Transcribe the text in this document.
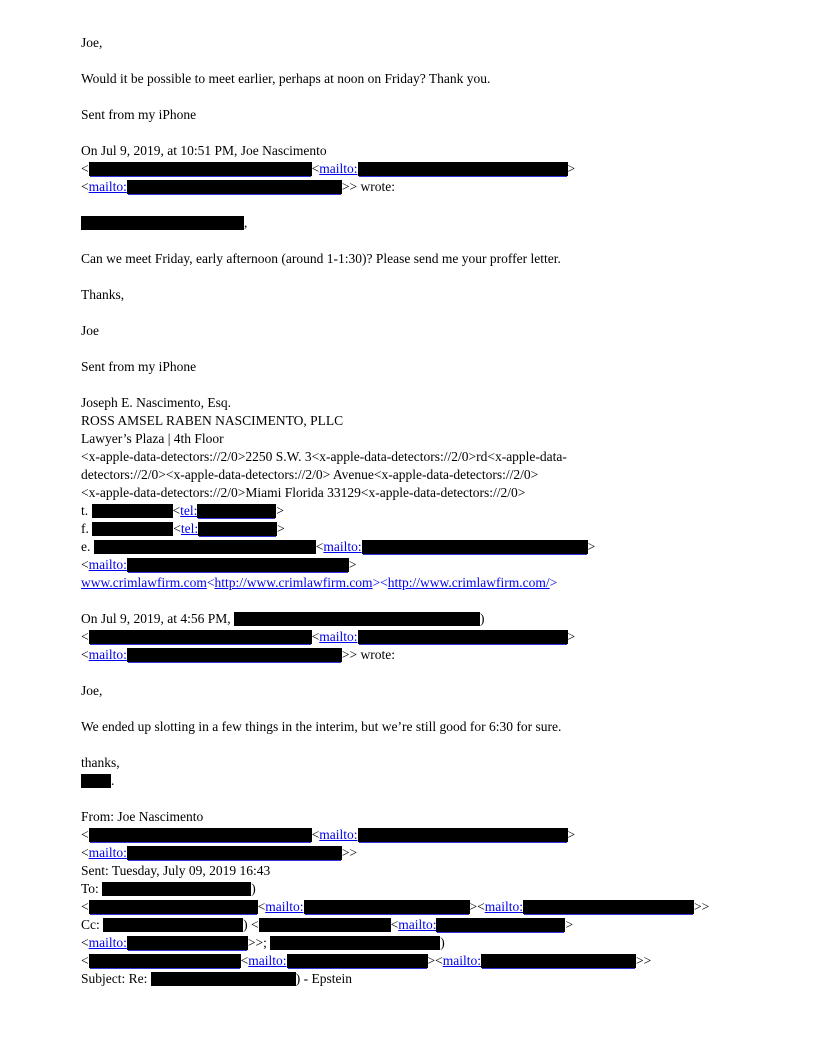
Joe,

Would it be possible to meet earlier, perhaps at noon on Friday? Thank you.

Sent from my iPhone

On Jul 9, 2019, at 10:51 PM, Joe Nascimento
<	<mailto:	>
<mailto:	>> wrote:

,

Can we meet Friday, early afternoon (around 1-1:30)? Please send me your proffer letter.

Thanks,

Joe

Sent from my iPhone

Joseph E. Nascimento, Esq.
ROSS AMSEL RABEN NASCIMENTO, PLLC
Lawyer’s Plaza | 4th Floor
<x-apple-data-detectors://2/0>2250 S.W. 3<x-apple-data-detectors://2/0>rd<x-apple-data-
detectors://2/0><x-apple-data-detectors://2/0> Avenue<x-apple-data-detectors://2/0>
<x-apple-data-detectors://2/0>Miami Florida 33129<x-apple-data-detectors://2/0>
t.	<tel:	>
f.	<tel:	>
e.	<mailto:	>
<mailto:	>
www.crimlawfirm.com<http://www.crimlawfirm.com><http://www.crimlawfirm.com/>

On Jul 9, 2019, at 4:56 PM,	)
<	<mailto:	>
<mailto:	>> wrote:

Joe,

We ended up slotting in a few things in the interim, but we’re still good for 6:30 for sure.

thanks,
.

From: Joe Nascimento
<	<mailto:	>
<mailto:	>>
Sent: Tuesday, July 09, 2019 16:43
To:	)
<	<mailto:	><mailto:	>>
Cc:	) <	<mailto:	>
<mailto:	>>;	)
<	<mailto:	><mailto:	>>
Subject: Re:	) - Epstein
